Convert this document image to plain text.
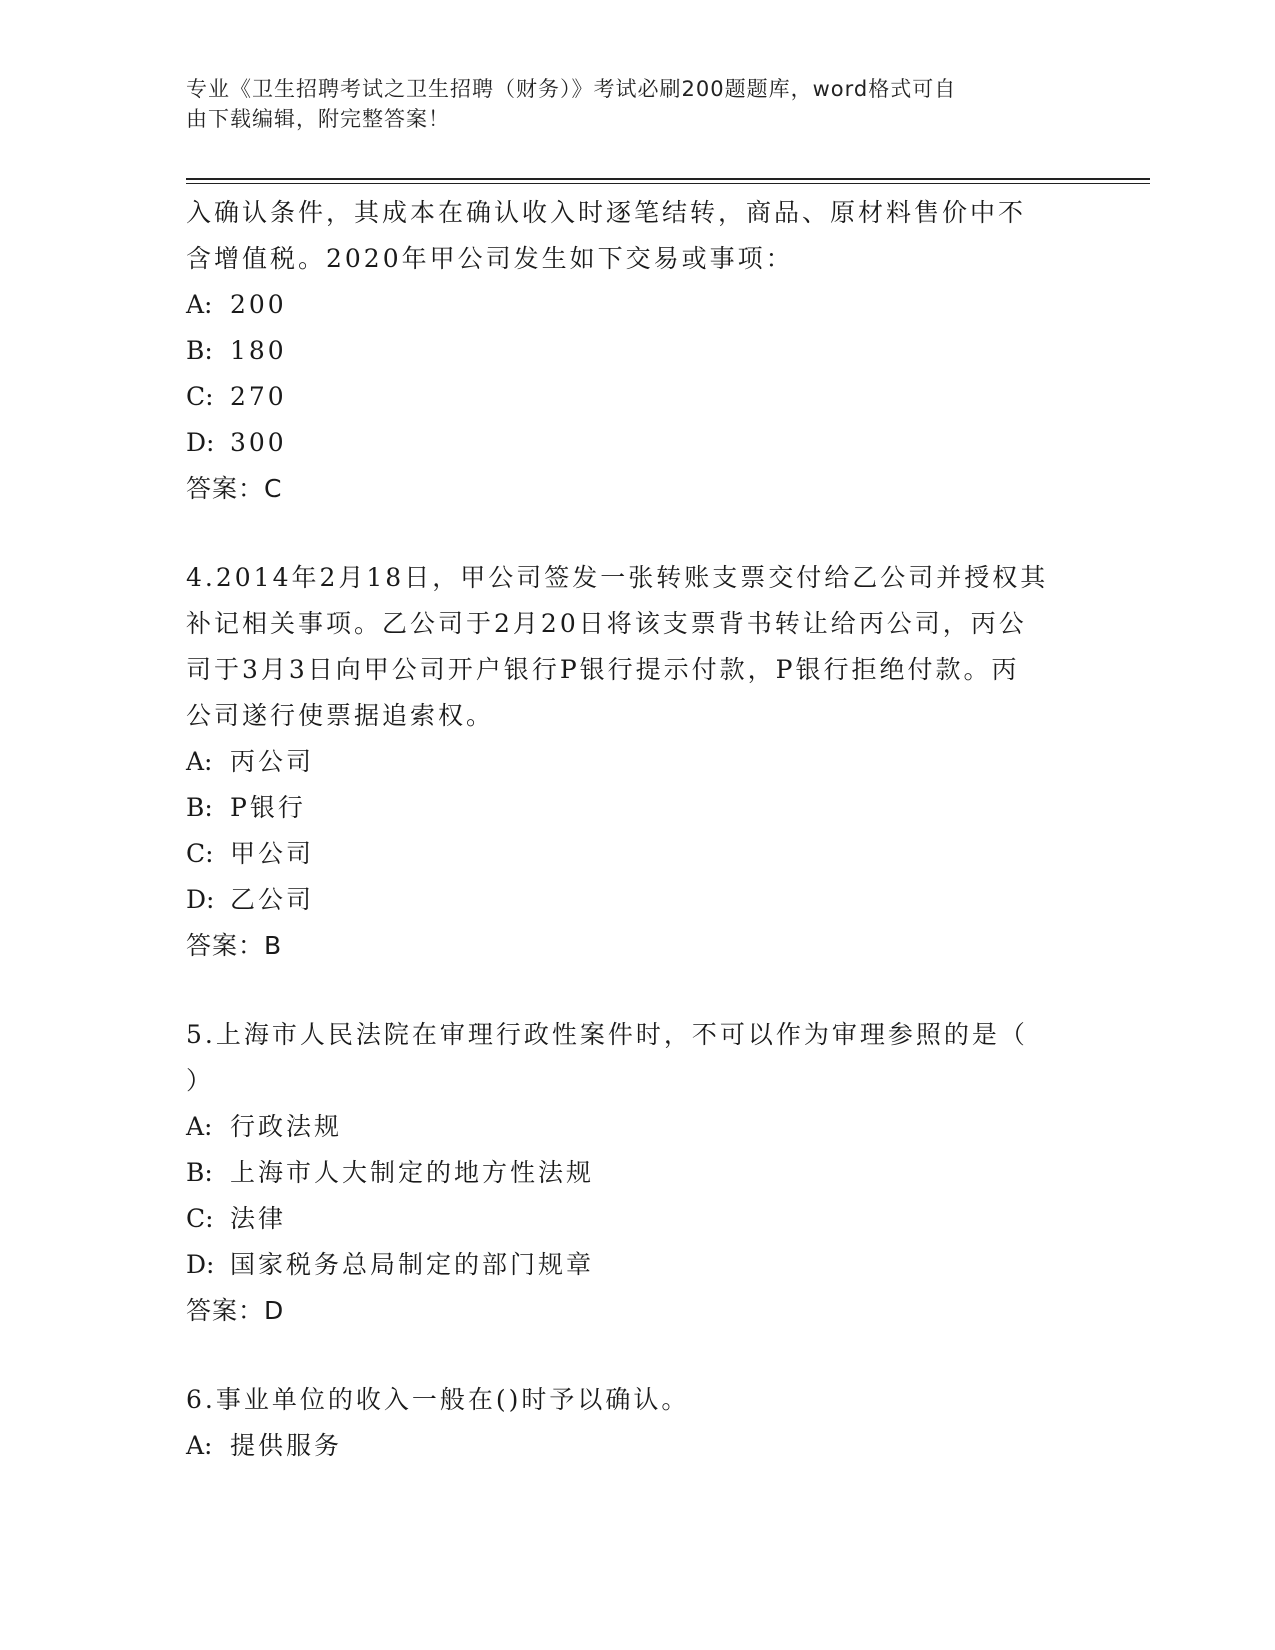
专业《卫生招聘考试之卫生招聘（财务）》考试必刷200题题库，word格式可自
由下载编辑，附完整答案！
入确认条件，其成本在确认收入时逐笔结转，商品、原材料售价中不
含增值税。2020年甲公司发生如下交易或事项：
A: 200
B: 180
C: 270
D: 300
答案：C
4.2014年2月18日，甲公司签发一张转账支票交付给乙公司并授权其
补记相关事项。乙公司于2月20日将该支票背书转让给丙公司，丙公
司于3月3日向甲公司开户银行P银行提示付款，P银行拒绝付款。丙
公司遂行使票据追索权。
A: 丙公司
B: P银行
C: 甲公司
D: 乙公司
答案：B
5.上海市人民法院在审理行政性案件时，不可以作为审理参照的是（
）
A: 行政法规
B: 上海市人大制定的地方性法规
C: 法律
D: 国家税务总局制定的部门规章
答案：D
6.事业单位的收入一般在()时予以确认。
A: 提供服务
